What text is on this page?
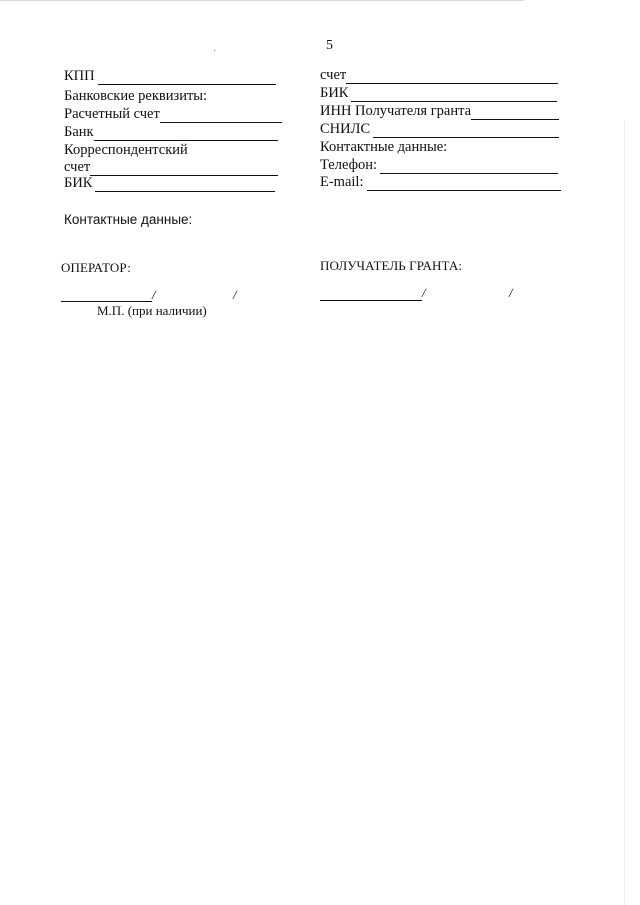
5
КПП
Банковские реквизиты:
Расчетный счет
Банк
Корреспондентский
счет
БИК
счет
БИК
ИНН Получателя гранта
СНИЛС
Контактные данные:
Телефон:
E-mail:
Контактные данные:
ОПЕРАТОР:
/	/
М.П. (при наличии)
ПОЛУЧАТЕЛЬ ГРАНТА:
/	/
